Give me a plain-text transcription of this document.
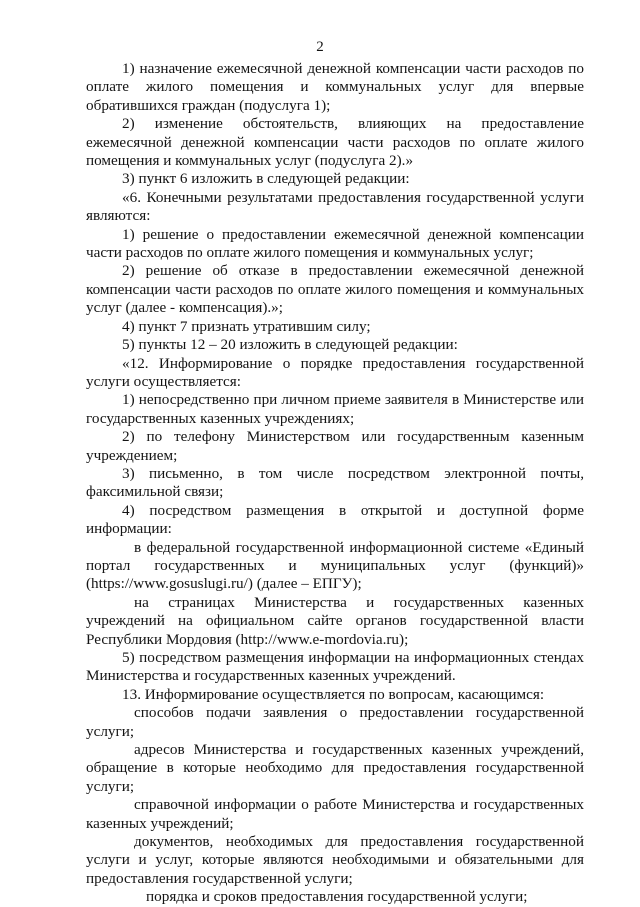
2

1) назначение ежемесячной денежной компенсации части расходов по оплате жилого помещения и коммунальных услуг для впервые обратившихся граждан (подуслуга 1);

2) изменение обстоятельств, влияющих на предоставление ежемесячной денежной компенсации части расходов по оплате жилого помещения и коммунальных услуг (подуслуга 2).»

3) пункт 6 изложить в следующей редакции:

«6. Конечными результатами предоставления государственной услуги являются:

1) решение о предоставлении ежемесячной денежной компенсации части расходов по оплате жилого помещения и коммунальных услуг;

2) решение об отказе в предоставлении ежемесячной денежной компенсации части расходов по оплате жилого помещения и коммунальных услуг (далее - компенсация).»;

4) пункт 7 признать утратившим силу;

5) пункты 12 – 20 изложить в следующей редакции:

«12. Информирование о порядке предоставления государственной услуги осуществляется:

1) непосредственно при личном приеме заявителя в Министерстве или государственных казенных учреждениях;

2) по телефону Министерством или государственным казенным учреждением;

3) письменно, в том числе посредством электронной почты, факсимильной связи;

4) посредством размещения в открытой и доступной форме информации:

в федеральной государственной информационной системе «Единый портал государственных и муниципальных услуг (функций)» (https://www.gosuslugi.ru/) (далее – ЕПГУ);

на страницах Министерства и государственных казенных учреждений на официальном сайте органов государственной власти Республики Мордовия (http://www.e-mordovia.ru);

5) посредством размещения информации на информационных стендах Министерства и государственных казенных учреждений.

13. Информирование осуществляется по вопросам, касающимся:

способов подачи заявления о предоставлении государственной услуги;

адресов Министерства и государственных казенных учреждений, обращение в которые необходимо для предоставления государственной услуги;

справочной информации о работе Министерства и государственных казенных учреждений;

документов, необходимых для предоставления государственной услуги и услуг, которые являются необходимыми и обязательными для предоставления государственной услуги;

порядка и сроков предоставления государственной услуги;
